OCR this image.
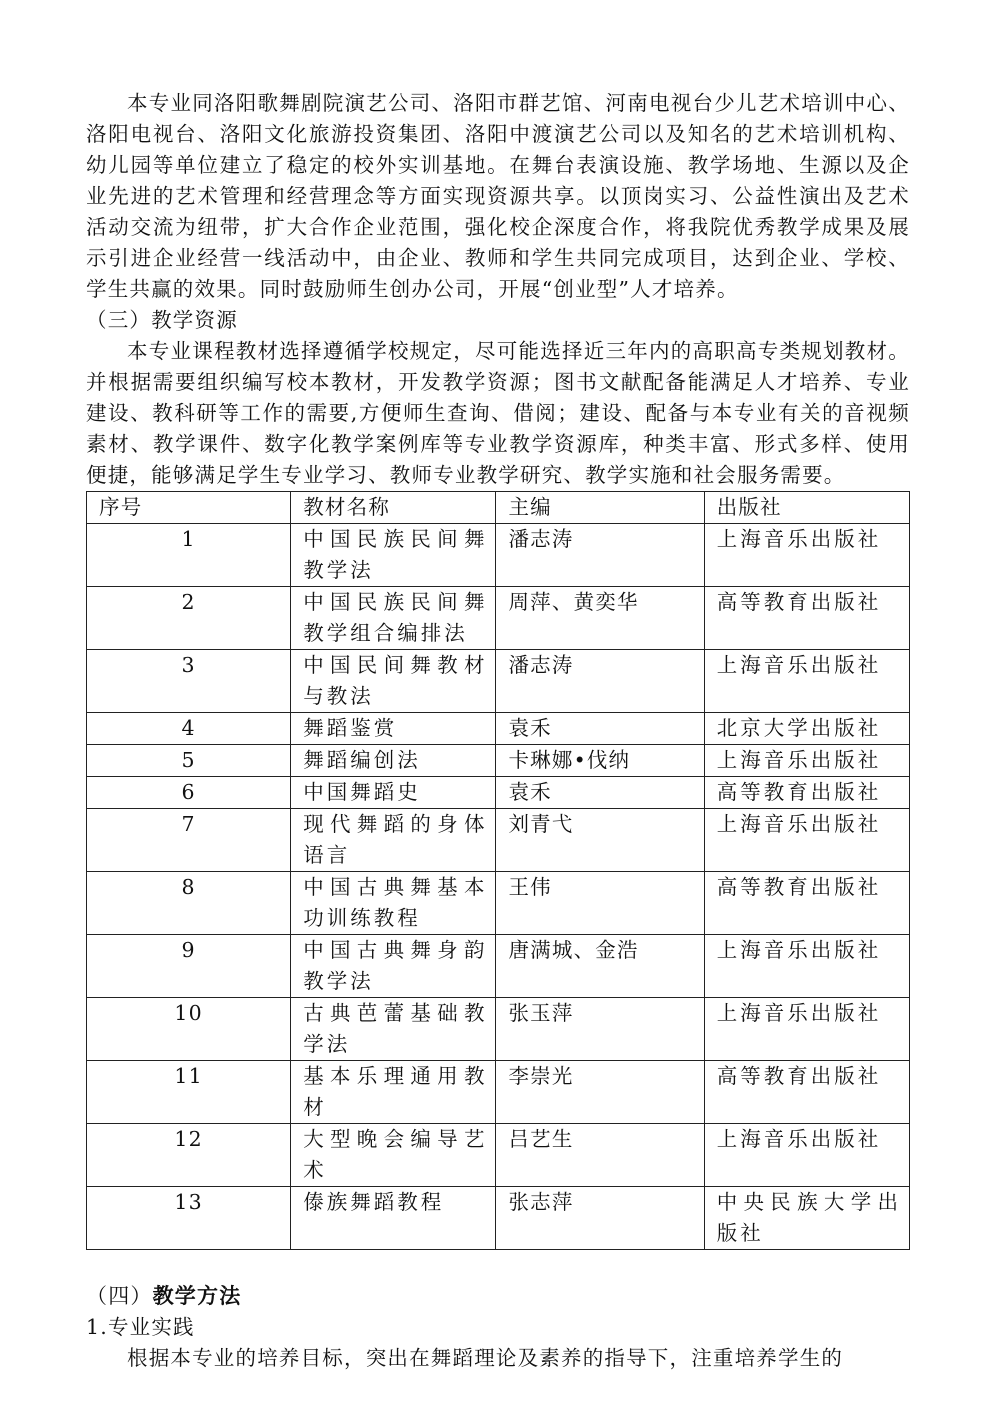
本专业同洛阳歌舞剧院演艺公司、洛阳市群艺馆、河南电视台少儿艺术培训中心、洛阳电视台、洛阳文化旅游投资集团、洛阳中渡演艺公司以及知名的艺术培训机构、幼儿园等单位建立了稳定的校外实训基地。在舞台表演设施、教学场地、生源以及企业先进的艺术管理和经营理念等方面实现资源共享。以顶岗实习、公益性演出及艺术活动交流为纽带，扩大合作企业范围，强化校企深度合作，将我院优秀教学成果及展示引进企业经营一线活动中，由企业、教师和学生共同完成项目，达到企业、学校、学生共赢的效果。同时鼓励师生创办公司，开展“创业型”人才培养。

（三）教学资源

本专业课程教材选择遵循学校规定，尽可能选择近三年内的高职高专类规划教材。并根据需要组织编写校本教材，开发教学资源；图书文献配备能满足人才培养、专业建设、教科研等工作的需要,方便师生查询、借阅；建设、配备与本专业有关的音视频素材、教学课件、数字化教学案例库等专业教学资源库，种类丰富、形式多样、使用便捷，能够满足学生专业学习、教师专业教学研究、教学实施和社会服务需要。

序号	教材名称	主编	出版社
1	中国民族民间舞教学法	潘志涛	上海音乐出版社
2	中国民族民间舞教学组合编排法	周萍、黄奕华	高等教育出版社
3	中国民间舞教材与教法	潘志涛	上海音乐出版社
4	舞蹈鉴赏	袁禾	北京大学出版社
5	舞蹈编创法	卡琳娜•伐纳	上海音乐出版社
6	中国舞蹈史	袁禾	高等教育出版社
7	现代舞蹈的身体语言	刘青弋	上海音乐出版社
8	中国古典舞基本功训练教程	王伟	高等教育出版社
9	中国古典舞身韵教学法	唐满城、金浩	上海音乐出版社
10	古典芭蕾基础教学法	张玉萍	上海音乐出版社
11	基本乐理通用教材	李崇光	高等教育出版社
12	大型晚会编导艺术	吕艺生	上海音乐出版社
13	傣族舞蹈教程	张志萍	中央民族大学出版社

（四）教学方法

1.专业实践

根据本专业的培养目标，突出在舞蹈理论及素养的指导下，注重培养学生的
